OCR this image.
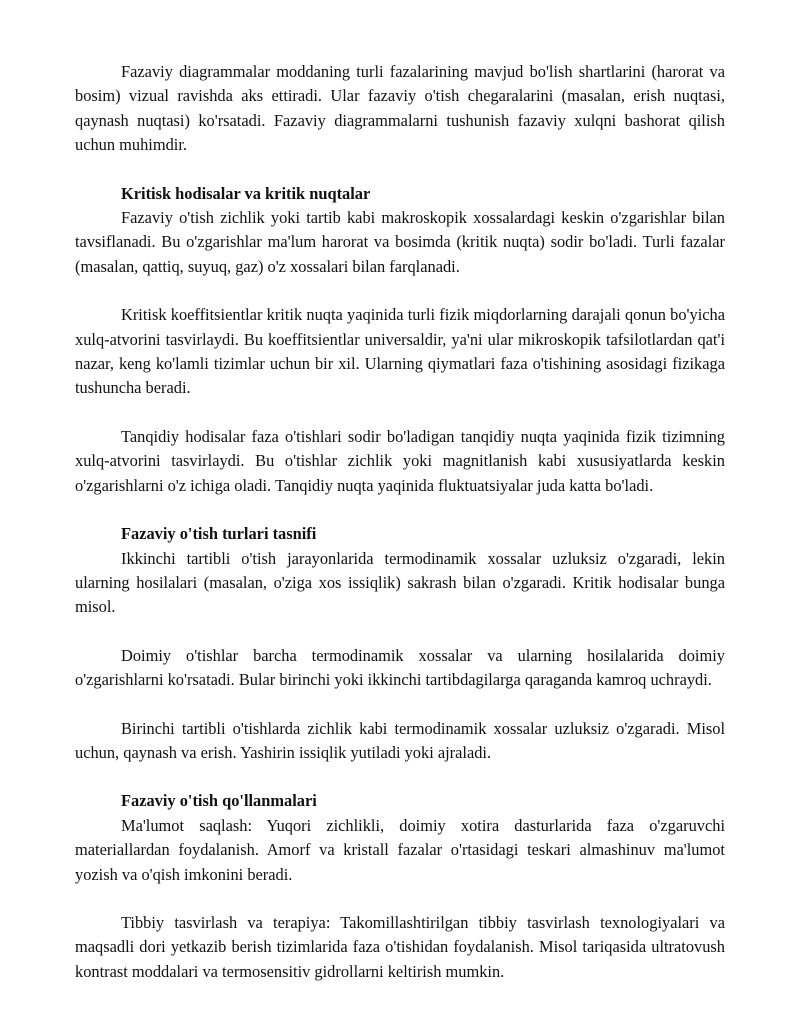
Fazaviy diagrammalar moddaning turli fazalarining mavjud bo'lish shartlarini (harorat va bosim) vizual ravishda aks ettiradi. Ular fazaviy o'tish chegaralarini (masalan, erish nuqtasi, qaynash nuqtasi) ko'rsatadi. Fazaviy diagrammalarni tushunish fazaviy xulqni bashorat qilish uchun muhimdir.

Kritisk hodisalar va kritik nuqtalar

Fazaviy o'tish zichlik yoki tartib kabi makroskopik xossalardagi keskin o'zgarishlar bilan tavsiflanadi. Bu o'zgarishlar ma'lum harorat va bosimda (kritik nuqta) sodir bo'ladi. Turli fazalar (masalan, qattiq, suyuq, gaz) o'z xossalari bilan farqlanadi.

Kritisk koeffitsientlar kritik nuqta yaqinida turli fizik miqdorlarning darajali qonun bo'yicha xulq-atvorini tasvirlaydi. Bu koeffitsientlar universaldir, ya'ni ular mikroskopik tafsilotlardan qat'i nazar, keng ko'lamli tizimlar uchun bir xil. Ularning qiymatlari faza o'tishining asosidagi fizikaga tushuncha beradi.

Tanqidiy hodisalar faza o'tishlari sodir bo'ladigan tanqidiy nuqta yaqinida fizik tizimning xulq-atvorini tasvirlaydi. Bu o'tishlar zichlik yoki magnitlanish kabi xususiyatlarda keskin o'zgarishlarni o'z ichiga oladi. Tanqidiy nuqta yaqinida fluktuatsiyalar juda katta bo'ladi.

Fazaviy o'tish turlari tasnifi

Ikkinchi tartibli o'tish jarayonlarida termodinamik xossalar uzluksiz o'zgaradi, lekin ularning hosilalari (masalan, o'ziga xos issiqlik) sakrash bilan o'zgaradi. Kritik hodisalar bunga misol.

Doimiy o'tishlar barcha termodinamik xossalar va ularning hosilalarida doimiy o'zgarishlarni ko'rsatadi. Bular birinchi yoki ikkinchi tartibdagilarga qaraganda kamroq uchraydi.

Birinchi tartibli o'tishlarda zichlik kabi termodinamik xossalar uzluksiz o'zgaradi. Misol uchun, qaynash va erish. Yashirin issiqlik yutiladi yoki ajraladi.

Fazaviy o'tish qo'llanmalari

Ma'lumot saqlash: Yuqori zichlikli, doimiy xotira dasturlarida faza o'zgaruvchi materiallardan foydalanish. Amorf va kristall fazalar o'rtasidagi teskari almashinuv ma'lumot yozish va o'qish imkonini beradi.

Tibbiy tasvirlash va terapiya: Takomillashtirilgan tibbiy tasvirlash texnologiyalari va maqsadli dori yetkazib berish tizimlarida faza o'tishidan foydalanish. Misol tariqasida ultratovush kontrast moddalari va termosensitiv gidrollarni keltirish mumkin.
